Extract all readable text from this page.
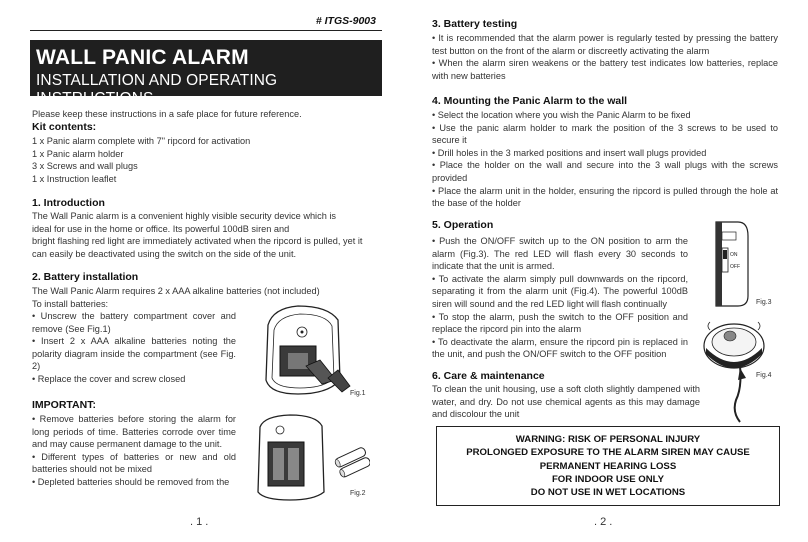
# ITGS-9003
WALL PANIC ALARM
INSTALLATION AND OPERATING INSTRUCTIONS
Please keep these instructions in a safe place for future reference.
Kit contents:

1 x Panic alarm complete with 7" ripcord for activation

1 x Panic alarm holder

3 x Screws and wall plugs

1 x Instruction leaflet

1. Introduction

The Wall Panic alarm is a convenient highly visible security device which is

ideal for use in the home or office. Its powerful 100dB siren and

bright flashing red light are immediately activated when the ripcord is pulled, yet it

can easily be deactivated using the switch on the side of the unit.

2. Battery installation

The Wall Panic Alarm requires 2 x AAA alkaline batteries (not included)

To install batteries:

• Unscrew the battery compartment cover and remove (See Fig.1)

• Insert 2 x AAA alkaline batteries noting the polarity diagram inside the compartment (see Fig. 2)

• Replace the cover and screw closed

IMPORTANT:

• Remove batteries before storing the alarm for long periods of time. Batteries corrode over time and may cause permanent damage to the unit.

• Different types of batteries or new and old batteries should not be mixed

• Depleted batteries should be removed from the

Fig.1
Fig.2
. 1 .
3. Battery testing

• It is recommended that the alarm power is regularly tested by pressing the battery test button on the front of the alarm or discreetly activating the alarm

• When the alarm siren weakens or the battery test indicates low batteries, replace with new batteries

4. Mounting the Panic Alarm to the wall

• Select the location where you wish the Panic Alarm to be fixed

• Use the panic alarm holder to mark the position of the 3 screws to be used to secure it

• Drill holes in the 3 marked positions and insert wall plugs provided

• Place the holder on the wall and secure into the 3 wall plugs with the screws provided

• Place the alarm unit in the holder, ensuring the ripcord is pulled through the hole at the base of the holder

5. Operation

• Push the ON/OFF switch up to the ON position to arm the alarm (Fig.3). The red LED will flash every 30 seconds to indicate that the unit is armed.

• To activate the alarm simply pull downwards on the ripcord, separating it from the alarm unit (Fig.4). The powerful 100dB siren will sound and the red LED light will flash continually

• To stop the alarm, push the switch to the OFF position and replace the ripcord pin into the alarm

• To deactivate the alarm, ensure the ripcord pin is replaced in the unit, and push the ON/OFF switch to the OFF position

ON
OFF
Fig.3
Fig.4
6. Care & maintenance
To clean the unit housing, use a soft cloth slightly dampened with water, and dry. Do not use chemical agents as this may damage and discolour the unit

WARNING: RISK OF PERSONAL INJURY

PROLONGED EXPOSURE TO THE ALARM SIREN MAY CAUSE

PERMANENT HEARING LOSS

FOR INDOOR USE ONLY

DO NOT USE IN WET LOCATIONS

. 2 .
